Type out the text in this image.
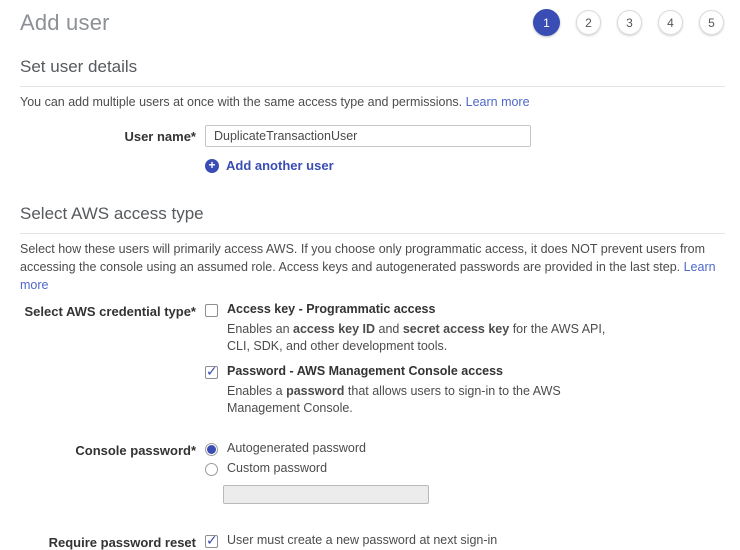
Add user	1	2	3	4	5
Set user details
You can add multiple users at once with the same access type and permissions. Learn more
User name*
DuplicateTransactionUser
+ Add another user
Select AWS access type
Select how these users will primarily access AWS. If you choose only programmatic access, it does NOT prevent users from accessing the console using an assumed role. Access keys and autogenerated passwords are provided in the last step. Learn more
Select AWS credential type* Access key - Programmatic access
Enables an access key ID and secret access key for the AWS API, CLI, SDK, and other development tools.
✓ Password - AWS Management Console access
Enables a password that allows users to sign-in to the AWS Management Console.
Console password* Autogenerated password
Custom password
Require password reset ✓ User must create a new password at next sign-in
